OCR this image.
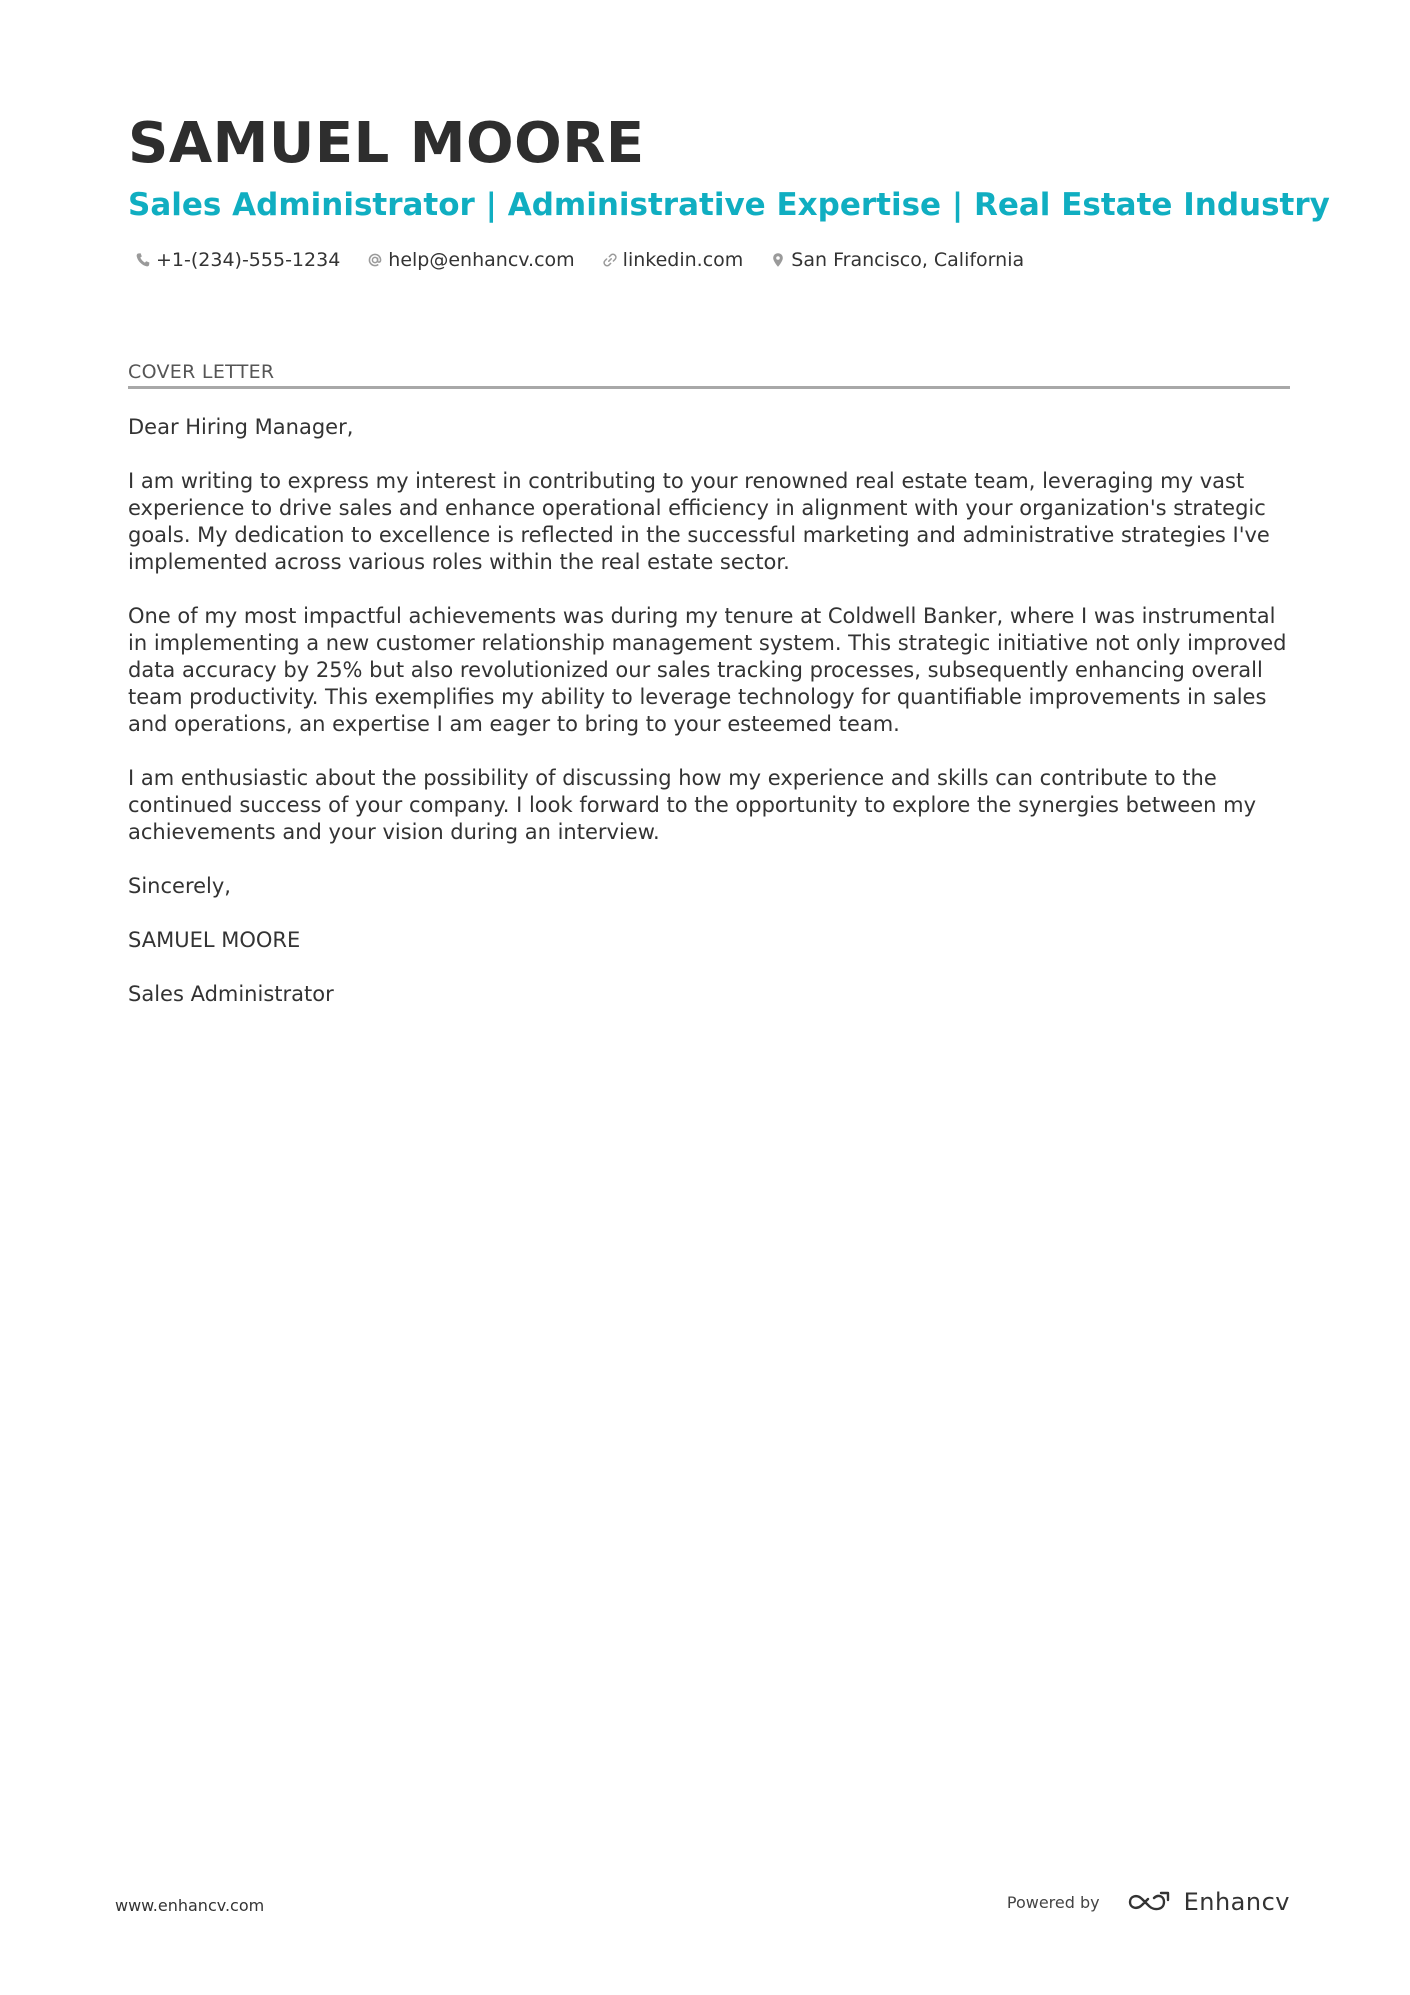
SAMUEL MOORE
Sales Administrator | Administrative Expertise | Real Estate Industry
+1-(234)-555-1234	help@enhancv.com	linkedin.com	San Francisco, California
COVER LETTER

Dear Hiring Manager,

I am writing to express my interest in contributing to your renowned real estate team, leveraging my vast experience to drive sales and enhance operational efficiency in alignment with your organization's strategic goals. My dedication to excellence is reflected in the successful marketing and administrative strategies I've implemented across various roles within the real estate sector.

One of my most impactful achievements was during my tenure at Coldwell Banker, where I was instrumental in implementing a new customer relationship management system. This strategic initiative not only improved data accuracy by 25% but also revolutionized our sales tracking processes, subsequently enhancing overall team productivity. This exemplifies my ability to leverage technology for quantifiable improvements in sales and operations, an expertise I am eager to bring to your esteemed team.

I am enthusiastic about the possibility of discussing how my experience and skills can contribute to the continued success of your company. I look forward to the opportunity to explore the synergies between my achievements and your vision during an interview.

Sincerely,

SAMUEL MOORE

Sales Administrator

www.enhancv.com	Powered by	Enhancv
